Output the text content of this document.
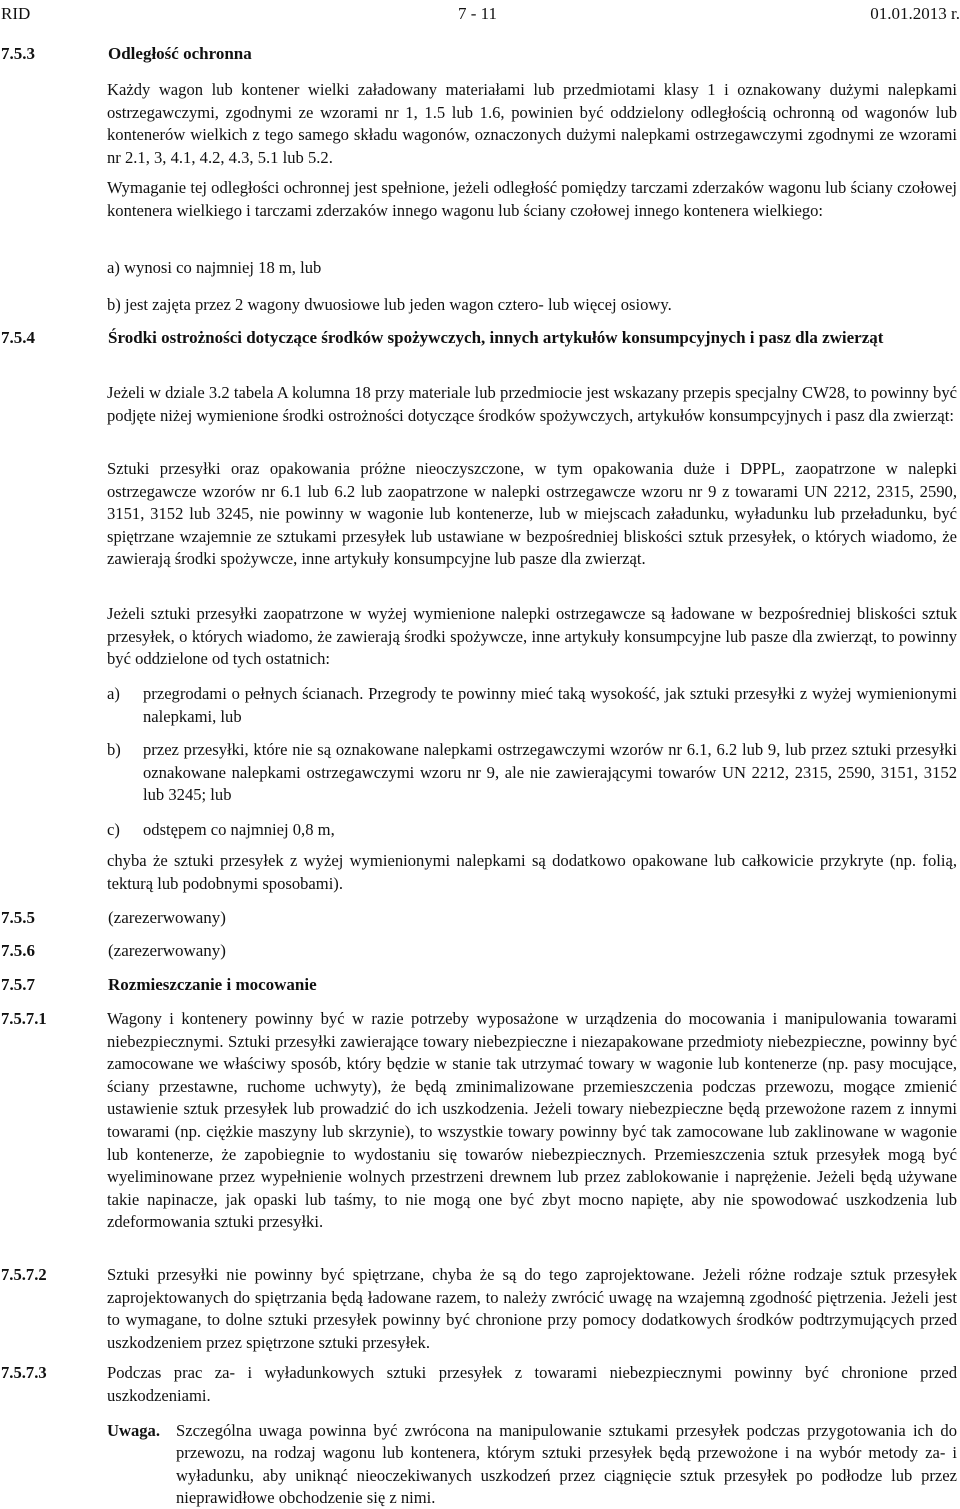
RID	7 - 11	01.01.2013 r.
7.5.3	Odległość ochronna
Każdy wagon lub kontener wielki załadowany materiałami lub przedmiotami klasy 1 i oznakowany dużymi nalepkami ostrzegawczymi, zgodnymi ze wzorami nr 1, 1.5 lub 1.6, powinien być oddzielony odległością ochronną od wagonów lub kontenerów wielkich z tego samego składu wagonów, oznaczonych dużymi nalepkami ostrzegawczymi zgodnymi ze wzorami nr 2.1, 3, 4.1, 4.2, 4.3, 5.1 lub 5.2.
Wymaganie tej odległości ochronnej jest spełnione, jeżeli odległość pomiędzy tarczami zderzaków wagonu lub ściany czołowej kontenera wielkiego i tarczami zderzaków innego wagonu lub ściany czołowej innego kontenera wielkiego:
a) wynosi co najmniej 18 m, lub
b) jest zajęta przez 2 wagony dwuosiowe lub jeden wagon cztero- lub więcej osiowy.
7.5.4	Środki ostrożności dotyczące środków spożywczych, innych artykułów konsumpcyjnych i pasz dla zwierząt
Jeżeli w dziale 3.2 tabela A kolumna 18 przy materiale lub przedmiocie jest wskazany przepis specjalny CW28, to powinny być podjęte niżej wymienione środki ostrożności dotyczące środków spożywczych, artykułów konsumpcyjnych i pasz dla zwierząt:
Sztuki przesyłki oraz opakowania próżne nieoczyszczone, w tym opakowania duże i DPPL, zaopatrzone w nalepki ostrzegawcze wzorów nr 6.1 lub 6.2 lub zaopatrzone w nalepki ostrzegawcze wzoru nr 9 z towarami UN 2212, 2315, 2590, 3151, 3152 lub 3245, nie powinny w wagonie lub kontenerze, lub w miejscach załadunku, wyładunku lub przeładunku, być spiętrzane wzajemnie ze sztukami przesyłek lub ustawiane w bezpośredniej bliskości sztuk przesyłek, o których wiadomo, że zawierają środki spożywcze, inne artykuły konsumpcyjne lub pasze dla zwierząt.
Jeżeli sztuki przesyłki zaopatrzone w wyżej wymienione nalepki ostrzegawcze są ładowane w bezpośredniej bliskości sztuk przesyłek, o których wiadomo, że zawierają środki spożywcze, inne artykuły konsumpcyjne lub pasze dla zwierząt, to powinny być oddzielone od tych ostatnich:
a)	przegrodami o pełnych ścianach. Przegrody te powinny mieć taką wysokość, jak sztuki przesyłki z wyżej wymienionymi nalepkami, lub
b)	przez przesyłki, które nie są oznakowane nalepkami ostrzegawczymi wzorów nr 6.1, 6.2 lub 9, lub przez sztuki przesyłki oznakowane nalepkami ostrzegawczymi wzoru nr 9, ale nie zawierającymi towarów UN 2212, 2315, 2590, 3151, 3152 lub 3245; lub
c)	odstępem co najmniej 0,8 m,
chyba że sztuki przesyłek z wyżej wymienionymi nalepkami są dodatkowo opakowane lub całkowicie przykryte (np. folią, tekturą lub podobnymi sposobami).
7.5.5	(zarezerwowany)
7.5.6	(zarezerwowany)
7.5.7	Rozmieszczanie i mocowanie
7.5.7.1	Wagony i kontenery powinny być w razie potrzeby wyposażone w urządzenia do mocowania i manipulowania towarami niebezpiecznymi. Sztuki przesyłki zawierające towary niebezpieczne i niezapakowane przedmioty niebezpieczne, powinny być zamocowane we właściwy sposób, który będzie w stanie tak utrzymać towary w wagonie lub kontenerze (np. pasy mocujące, ściany przestawne, ruchome uchwyty), że będą zminimalizowane przemieszczenia podczas przewozu, mogące zmienić ustawienie sztuk przesyłek lub prowadzić do ich uszkodzenia. Jeżeli towary niebezpieczne będą przewożone razem z innymi towarami (np. ciężkie maszyny lub skrzynie), to wszystkie towary powinny być tak zamocowane lub zaklinowane w wagonie lub kontenerze, że zapobiegnie to wydostaniu się towarów niebezpiecznych. Przemieszczenia sztuk przesyłek mogą być wyeliminowane przez wypełnienie wolnych przestrzeni drewnem lub przez zablokowanie i naprężenie. Jeżeli będą używane takie napinacze, jak opaski lub taśmy, to nie mogą one być zbyt mocno napięte, aby nie spowodować uszkodzenia lub zdeformowania sztuki przesyłki.
7.5.7.2	Sztuki przesyłki nie powinny być spiętrzane, chyba że są do tego zaprojektowane. Jeżeli różne rodzaje sztuk przesyłek zaprojektowanych do spiętrzania będą ładowane razem, to należy zwrócić uwagę na wzajemną zgodność piętrzenia. Jeżeli jest to wymagane, to dolne sztuki przesyłek powinny być chronione przy pomocy dodatkowych środków podtrzymujących przed uszkodzeniem przez spiętrzone sztuki przesyłek.
7.5.7.3	Podczas prac za- i wyładunkowych sztuki przesyłek z towarami niebezpiecznymi powinny być chronione przed uszkodzeniami.
Uwaga. Szczególna uwaga powinna być zwrócona na manipulowanie sztukami przesyłek podczas przygotowania ich do przewozu, na rodzaj wagonu lub kontenera, którym sztuki przesyłek będą przewożone i na wybór metody za- i wyładunku, aby uniknąć nieoczekiwanych uszkodzeń przez ciągnięcie sztuk przesyłek po podłodze lub przez nieprawidłowe obchodzenie się z nimi.
